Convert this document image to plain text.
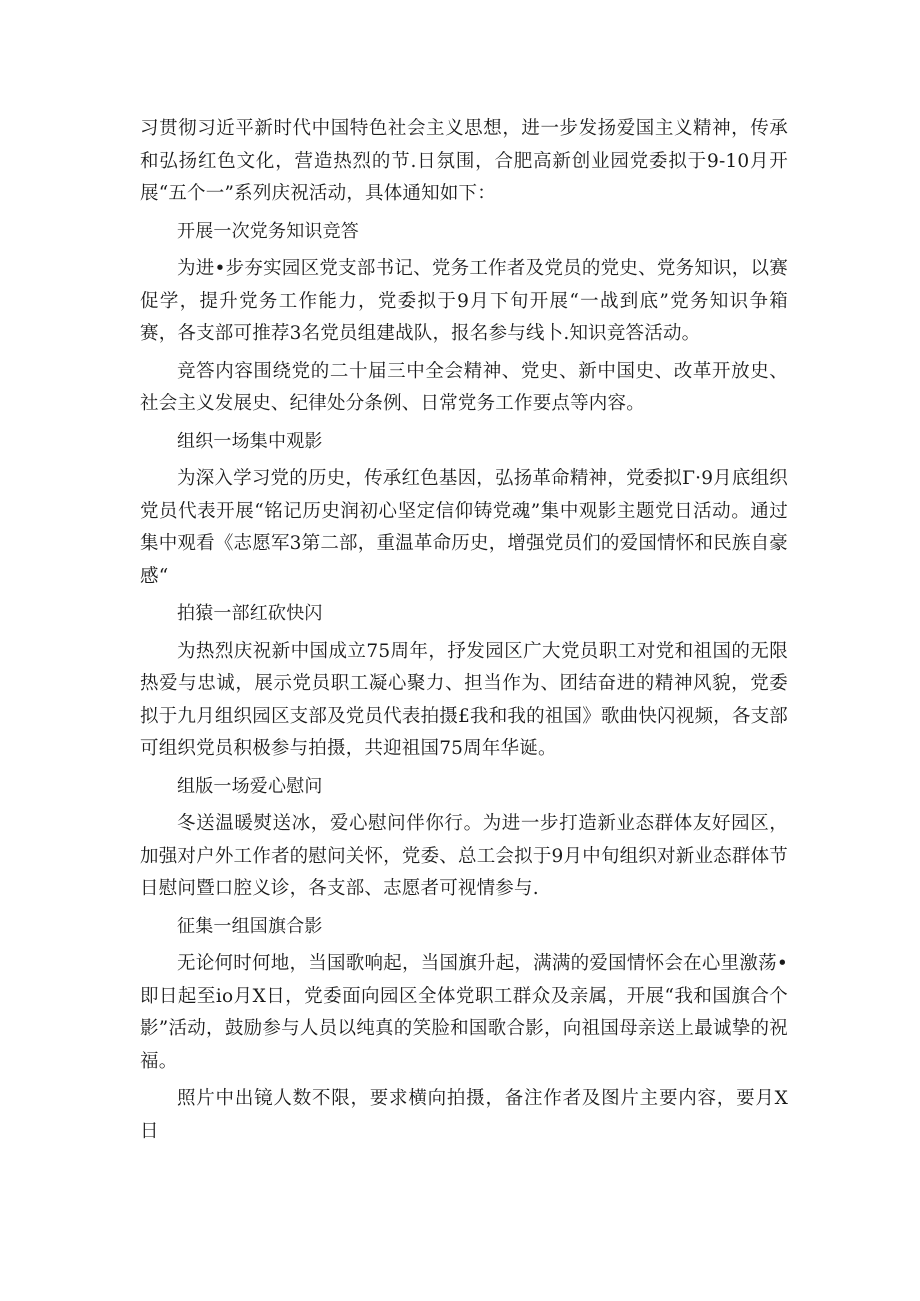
习贯彻习近平新时代中国特色社会主义思想，进一步发扬爱国主义精神，传承和弘扬红色文化，营造热烈的节.日氛围，合肥高新创业园党委拟于9-10月开展“五个一”系列庆祝活动，具体通知如下：

开展一次党务知识竞答

为进•步夯实园区党支部书记、党务工作者及党员的党史、党务知识，以赛促学，提升党务工作能力，党委拟于9月下旬开展“一战到底”党务知识争箱赛，各支部可推荐3名党员组建战队，报名参与线卜.知识竞答活动。

竞答内容围绕党的二十届三中全会精神、党史、新中国史、改革开放史、社会主义发展史、纪律处分条例、日常党务工作要点等内容。

组织一场集中观影

为深入学习党的历史，传承红色基因，弘扬革命精神，党委拟Γ·9月底组织党员代表开展“铭记历史润初心坚定信仰铸党魂”集中观影主题党日活动。通过集中观看《志愿军3第二部，重温革命历史，增强党员们的爱国情怀和民族自豪感“

拍猿一部红砍快闪

为热烈庆祝新中国成立75周年，抒发园区广大党员职工对党和祖国的无限热爱与忠诚，展示党员职工凝心聚力、担当作为、团结奋进的精神风貌，党委拟于九月组织园区支部及党员代表拍摄£我和我的祖国》歌曲快闪视频，各支部可组织党员积极参与拍摄，共迎祖国75周年华诞。

组版一场爱心慰问

冬送温暖熨送冰，爱心慰问伴你行。为进一步打造新业态群体友好园区，加强对户外工作者的慰问关怀，党委、总工会拟于9月中旬组织对新业态群体节日慰问暨口腔义诊，各支部、志愿者可视情参与.

征集一组国旗合影

无论何时何地，当国歌响起，当国旗升起，满满的爱国情怀会在心里激荡•即日起至io月X日，党委面向园区全体党职工群众及亲属，开展“我和国旗合个影”活动，鼓励参与人员以纯真的笑脸和国歌合影，向祖国母亲送上最诚挚的祝福。

照片中出镜人数不限，要求横向拍摄，备注作者及图片主要内容，要月X日
